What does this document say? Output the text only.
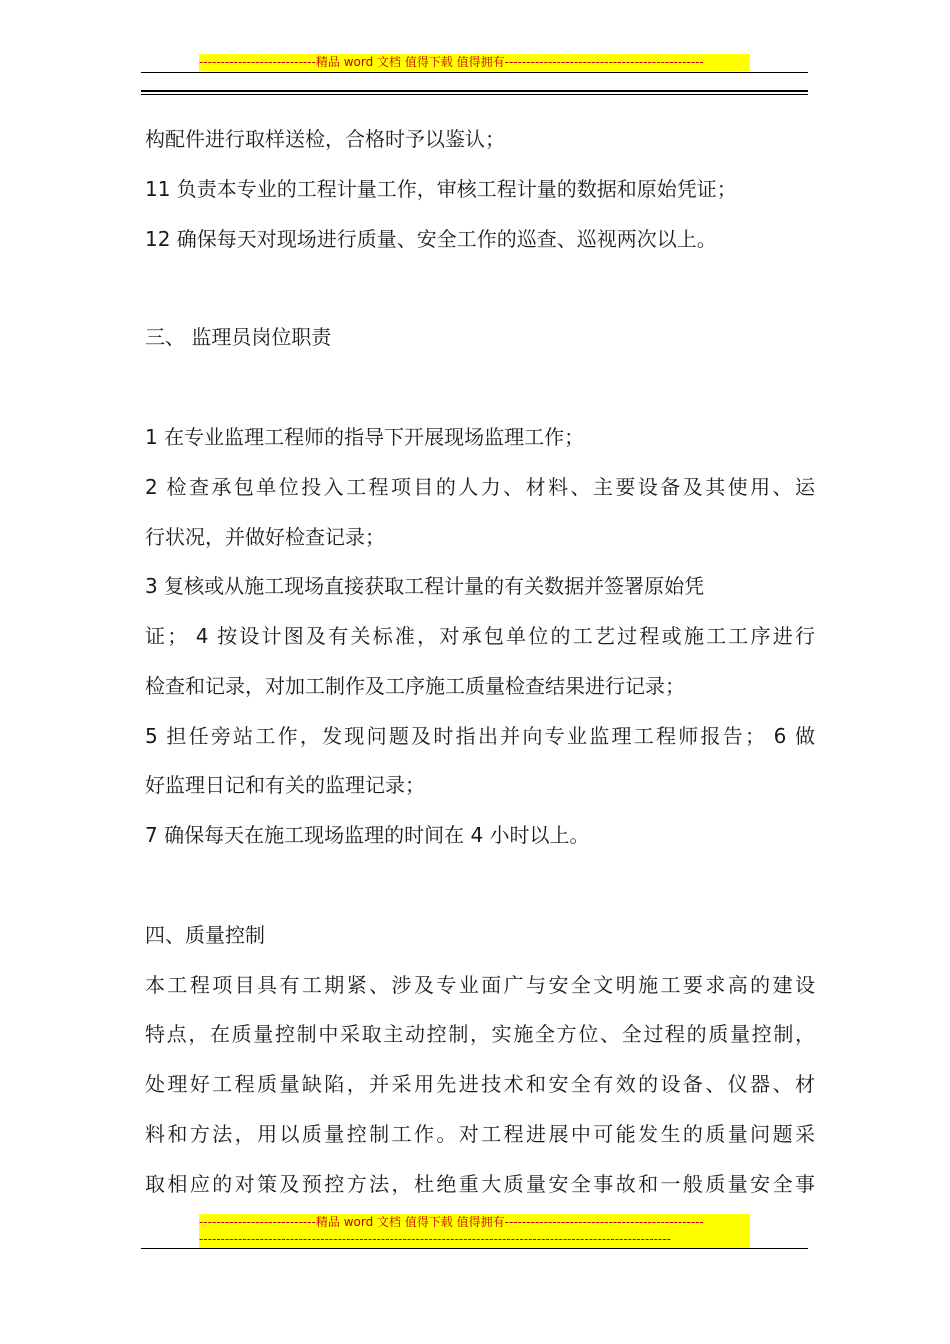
---------------------------精品 word 文档 值得下载 值得拥有----------------------------------------------
构配件进行取样送检，合格时予以鉴认；
11 负责本专业的工程计量工作，审核工程计量的数据和原始凭证；
12 确保每天对现场进行质量、安全工作的巡查、巡视两次以上。
三、 监理员岗位职责
1 在专业监理工程师的指导下开展现场监理工作；
2 检查承包单位投入工程项目的人力、材料、主要设备及其使用、运
行状况，并做好检查记录；
3 复核或从施工现场直接获取工程计量的有关数据并签署原始凭
证； 4 按设计图及有关标准，对承包单位的工艺过程或施工工序进行
检查和记录，对加工制作及工序施工质量检查结果进行记录；
5 担任旁站工作，发现问题及时指出并向专业监理工程师报告； 6 做
好监理日记和有关的监理记录；
7 确保每天在施工现场监理的时间在 4 小时以上。
四、质量控制
本工程项目具有工期紧、涉及专业面广与安全文明施工要求高的建设
特点，在质量控制中采取主动控制，实施全方位、全过程的质量控制，
处理好工程质量缺陷，并采用先进技术和安全有效的设备、仪器、材
料和方法，用以质量控制工作。对工程进展中可能发生的质量问题采
取相应的对策及预控方法，杜绝重大质量安全事故和一般质量安全事
---------------------------精品 word 文档 值得下载 值得拥有----------------------------------------------
-------------------------------------------------------------------------------------------------------------
